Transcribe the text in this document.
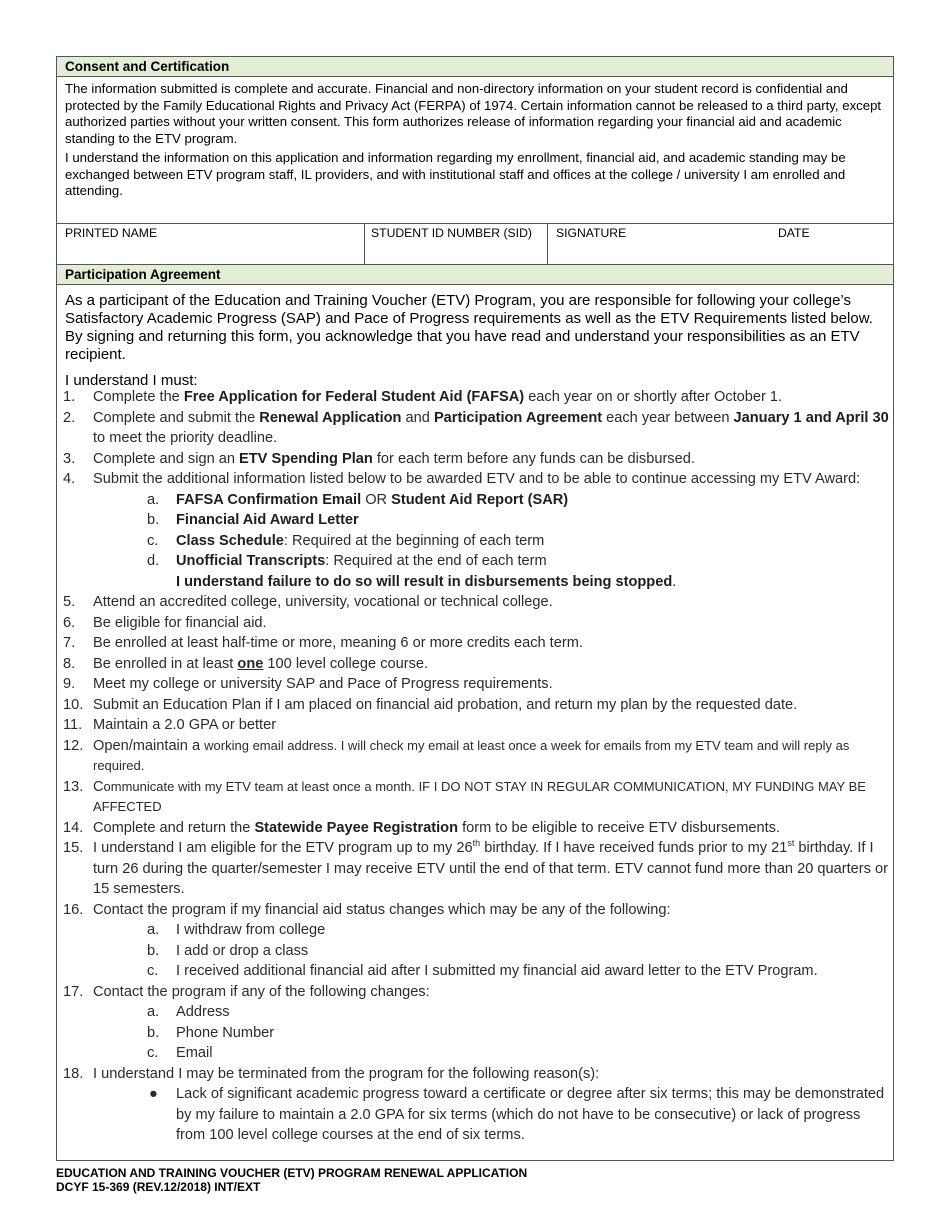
Consent and Certification

The information submitted is complete and accurate. Financial and non-directory information on your student record is confidential and protected by the Family Educational Rights and Privacy Act (FERPA) of 1974. Certain information cannot be released to a third party, except authorized parties without your written consent. This form authorizes release of information regarding your financial aid and academic standing to the ETV program.

I understand the information on this application and information regarding my enrollment, financial aid, and academic standing may be exchanged between ETV program staff, IL providers, and with institutional staff and offices at the college / university I am enrolled and attending.

PRINTED NAME	STUDENT ID NUMBER (SID)	SIGNATURE	DATE
Participation Agreement
As a participant of the Education and Training Voucher (ETV) Program, you are responsible for following your college’s Satisfactory Academic Progress (SAP) and Pace of Progress requirements as well as the ETV Requirements listed below. By signing and returning this form, you acknowledge that you have read and understand your responsibilities as an ETV recipient.
I understand I must:
1.	Complete the Free Application for Federal Student Aid (FAFSA) each year on or shortly after October 1.
2.	Complete and submit the Renewal Application and Participation Agreement each year between January 1 and April 30 to meet the priority deadline.
3.	Complete and sign an ETV Spending Plan for each term before any funds can be disbursed.
4.	Submit the additional information listed below to be awarded ETV and to be able to continue accessing my ETV Award:
a. FAFSA Confirmation Email OR Student Aid Report (SAR)
b. Financial Aid Award Letter
c. Class Schedule: Required at the beginning of each term
d. Unofficial Transcripts: Required at the end of each term
I understand failure to do so will result in disbursements being stopped.
5.	Attend an accredited college, university, vocational or technical college.
6.	Be eligible for financial aid.
7.	Be enrolled at least half-time or more, meaning 6 or more credits each term.
8.	Be enrolled in at least one 100 level college course.
9.	Meet my college or university SAP and Pace of Progress requirements.
10. Submit an Education Plan if I am placed on financial aid probation, and return my plan by the requested date.
11. Maintain a 2.0 GPA or better
12. Open/maintain a working email address. I will check my email at least once a week for emails from my ETV team and will reply as required.
13. Communicate with my ETV team at least once a month. IF I DO NOT STAY IN REGULAR COMMUNICATION, MY FUNDING MAY BE AFFECTED
14. Complete and return the Statewide Payee Registration form to be eligible to receive ETV disbursements.
15. I understand I am eligible for the ETV program up to my 26th birthday. If I have received funds prior to my 21st birthday. If I turn 26 during the quarter/semester I may receive ETV until the end of that term. ETV cannot fund more than 20 quarters or 15 semesters.
16. Contact the program if my financial aid status changes which may be any of the following:
a. I withdraw from college
b. I add or drop a class
c. I received additional financial aid after I submitted my financial aid award letter to the ETV Program.
17. Contact the program if any of the following changes:
a. Address
b. Phone Number
c. Email
18. I understand I may be terminated from the program for the following reason(s):
● Lack of significant academic progress toward a certificate or degree after six terms; this may be demonstrated by my failure to maintain a 2.0 GPA for six terms (which do not have to be consecutive) or lack of progress from 100 level college courses at the end of six terms.
EDUCATION AND TRAINING VOUCHER (ETV) PROGRAM RENEWAL APPLICATION
DCYF 15-369 (REV.12/2018) INT/EXT
